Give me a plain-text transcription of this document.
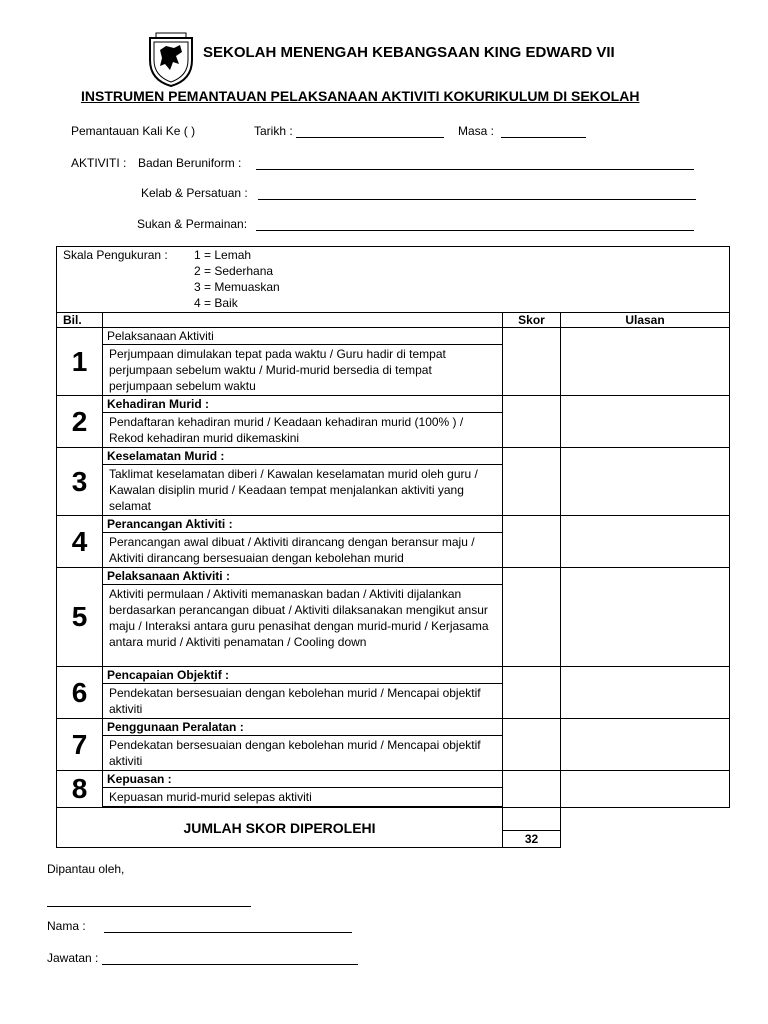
SEKOLAH MENENGAH KEBANGSAAN KING EDWARD VII
INSTRUMEN PEMANTAUAN PELAKSANAAN AKTIVITI KOKURIKULUM DI SEKOLAH
Pemantauan Kali Ke ( )	Tarikh :	Masa :
AKTIVITI : Badan Beruniform :
Kelab & Persatuan :
Sukan & Permainan:
Skala Pengukuran : 1 = Lemah
2 = Sederhana
3 = Memuaskan
4 = Baik			

Bil.		Skor	Ulasan
1	Pelaksanaan Aktiviti
Perjumpaan dimulakan tepat pada waktu / Guru hadir di tempat perjumpaan sebelum waktu / Murid-murid bersedia di tempat perjumpaan sebelum waktu		

2	Kehadiran Murid :
Pendaftaran kehadiran murid / Keadaan kehadiran murid (100% ) / Rekod kehadiran murid dikemaskini		

3	Keselamatan Murid :
Taklimat keselamatan diberi / Kawalan keselamatan murid oleh guru / Kawalan disiplin murid / Keadaan tempat menjalankan aktiviti yang selamat		

4	Perancangan Aktiviti :
Perancangan awal dibuat / Aktiviti dirancang dengan beransur maju / Aktiviti dirancang bersesuaian dengan kebolehan murid		

5	Pelaksanaan Aktiviti :
Aktiviti permulaan / Aktiviti memanaskan badan / Aktiviti dijalankan berdasarkan perancangan dibuat / Aktiviti dilaksanakan mengikut ansur maju / Interaksi antara guru penasihat dengan murid-murid / Kerjasama antara murid / Aktiviti penamatan / Cooling down		

6	Pencapaian Objektif :
Pendekatan bersesuaian dengan kebolehan murid / Mencapai objektif aktiviti		

7	Penggunaan Peralatan :
Pendekatan bersesuaian dengan kebolehan murid / Mencapai objektif aktiviti		

8	Kepuasan :
Kepuasan murid-murid selepas aktiviti		

JUMLAH SKOR DIPEROLEHI		32	

Dipantau oleh,
Nama :
Jawatan :
